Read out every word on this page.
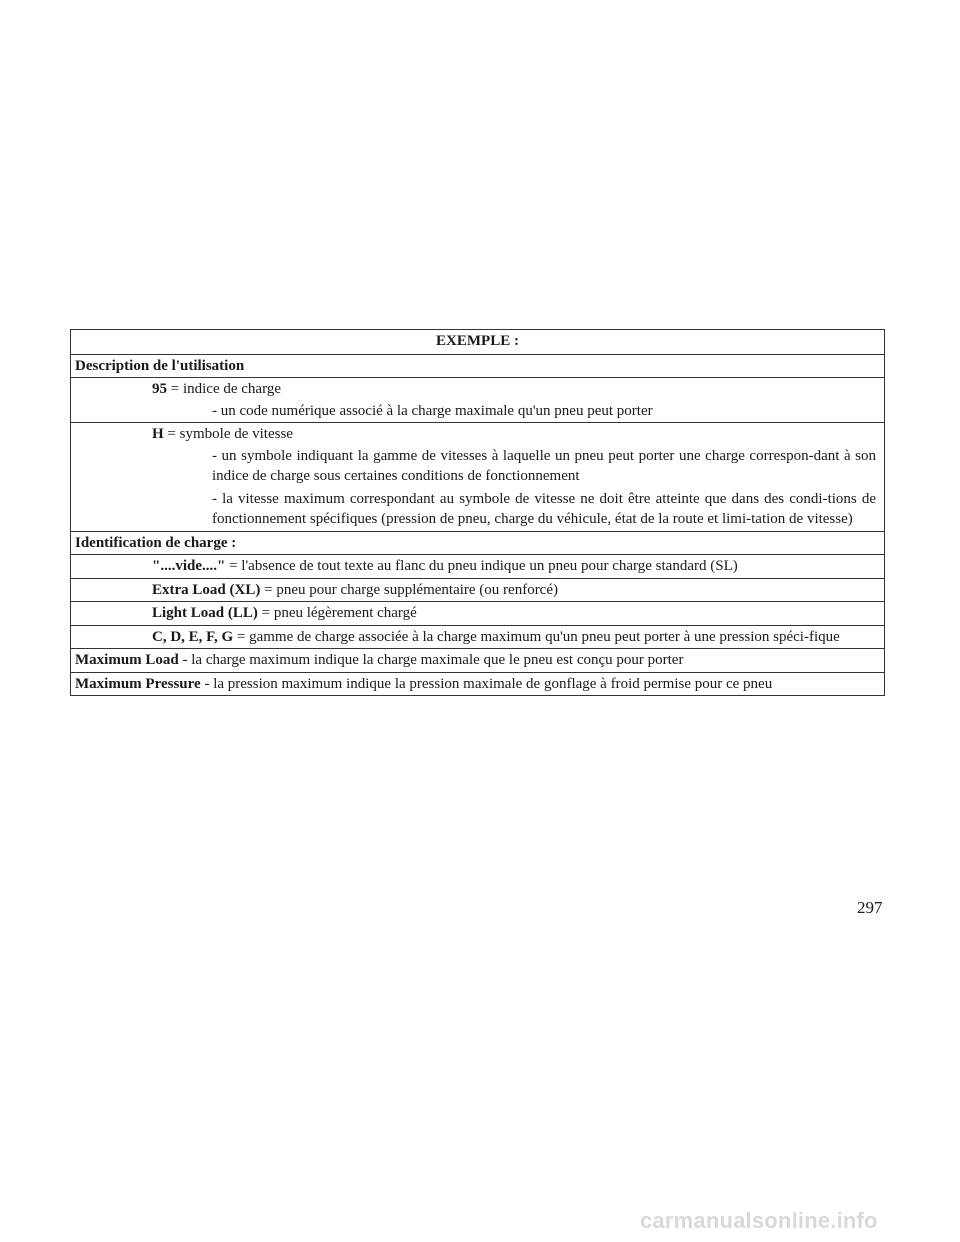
EXEMPLE :
Description de l'utilisation
95 = indice de charge
- un code numérique associé à la charge maximale qu'un pneu peut porter
H = symbole de vitesse
- un symbole indiquant la gamme de vitesses à laquelle un pneu peut porter une charge correspon-dant à son indice de charge sous certaines conditions de fonctionnement
- la vitesse maximum correspondant au symbole de vitesse ne doit être atteinte que dans des condi-tions de fonctionnement spécifiques (pression de pneu, charge du véhicule, état de la route et limi-tation de vitesse)
Identification de charge :
"....vide...." = l'absence de tout texte au flanc du pneu indique un pneu pour charge standard (SL)
Extra Load (XL) = pneu pour charge supplémentaire (ou renforcé)
Light Load (LL) = pneu légèrement chargé
C, D, E, F, G = gamme de charge associée à la charge maximum qu'un pneu peut porter à une pression spéci-fique
Maximum Load - la charge maximum indique la charge maximale que le pneu est conçu pour porter
Maximum Pressure - la pression maximum indique la pression maximale de gonflage à froid permise pour ce pneu
297
carmanualsonline.info
